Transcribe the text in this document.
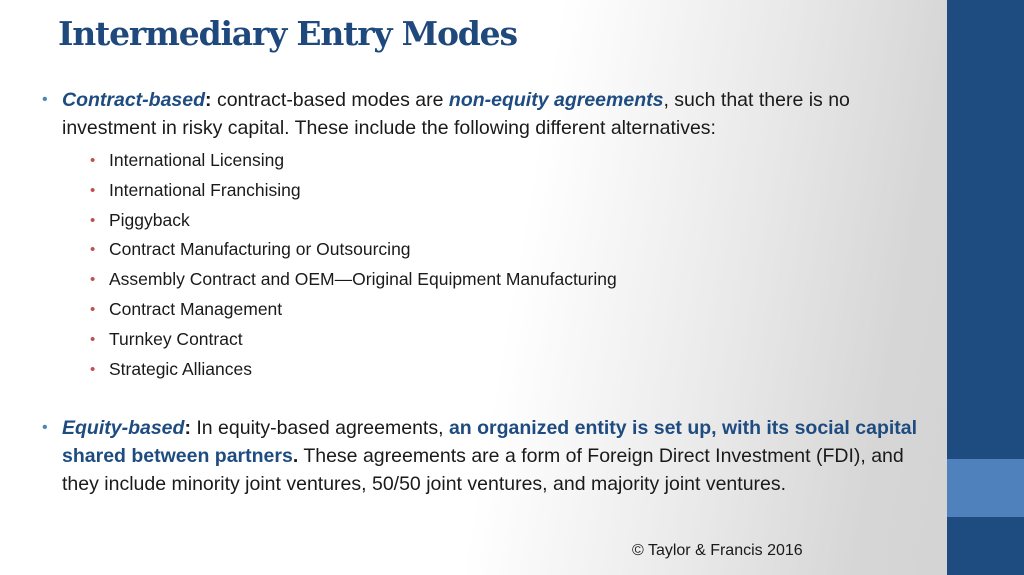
Intermediary Entry Modes
• Contract-based: contract-based modes are non-equity agreements, such that there is no investment in risky capital. These include the following different alternatives:
• International Licensing
• International Franchising
• Piggyback
• Contract Manufacturing or Outsourcing
• Assembly Contract and OEM—Original Equipment Manufacturing
• Contract Management
• Turnkey Contract
• Strategic Alliances
• Equity-based: In equity-based agreements, an organized entity is set up, with its social capital shared between partners. These agreements are a form of Foreign Direct Investment (FDI), and they include minority joint ventures, 50/50 joint ventures, and majority joint ventures.
© Taylor & Francis 2016
